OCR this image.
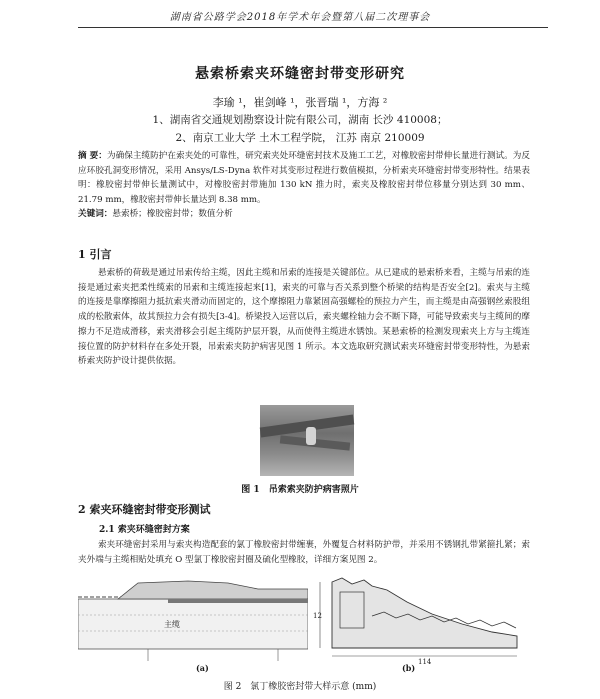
湖南省公路学会2018年学术年会暨第八届二次理事会
悬索桥索夹环缝密封带变形研究
李瑜 ¹，崔剑峰 ¹，张晋瑞 ¹，方海 ²
1、湖南省交通规划勘察设计院有限公司，湖南 长沙 410008；
2、南京工业大学 土木工程学院， 江苏 南京 210009
摘 要：为确保主缆防护在索夹处的可靠性，研究索夹处环缝密封技术及施工工艺，对橡胶密封带伸长量进行测试。为反应环胶孔洞变形情况，采用 Ansys/LS-Dyna 软件对其变形过程进行数值模拟，分析索夹环缝密封带变形特性。结果表明：橡胶密封带伸长量测试中，对橡胶密封带施加 130 kN 推力时，索夹及橡胶密封带位移量分别达到 30 mm、21.79 mm，橡胶密封带伸长量达到 8.38 mm。
关键词：悬索桥；橡胶密封带；数值分析
1 引言
悬索桥的荷载是通过吊索传给主缆，因此主缆和吊索的连接是关键部位。从已建成的悬索桥来看，主缆与吊索的连接是通过索夹把柔性缆索的吊索和主缆连接起来[1]，索夹的可靠与否关系到整个桥梁的结构是否安全[2]。索夹与主缆的连接是靠摩擦阻力抵抗索夹滑动而固定的，这个摩擦阻力靠紧固高强螺栓的预拉力产生，而主缆是由高强钢丝索股组成的松散索体，故其预拉力会有损失[3-4]。桥梁投入运营以后，索夹螺栓轴力会不断下降，可能导致索夹与主缆间的摩擦力不足造成滑移，索夹滑移会引起主缆防护层开裂，从而使得主缆进水锈蚀。某悬索桥的检测发现索夹上方与主缆连接位置的防护材料存在多处开裂，吊索索夹防护病害见图 1 所示。本文选取研究测试索夹环缝密封带变形特性，为悬索桥索夹防护设计提供依据。
图 1　吊索索夹防护病害照片
2 索夹环缝密封带变形测试
2.1 索夹环缝密封方案
索夹环缝密封采用与索夹构造配套的氯丁橡胶密封带缠裹，外覆复合材料防护带，并采用不锈钢扎带紧箍扎紧；索夹外端与主缆相贴处填充 O 型氯丁橡胶密封圈及硫化型橡胶，详细方案见图 2。
主缆
12
114
(a)	(b)
图 2　氯丁橡胶密封带大样示意 (mm)
